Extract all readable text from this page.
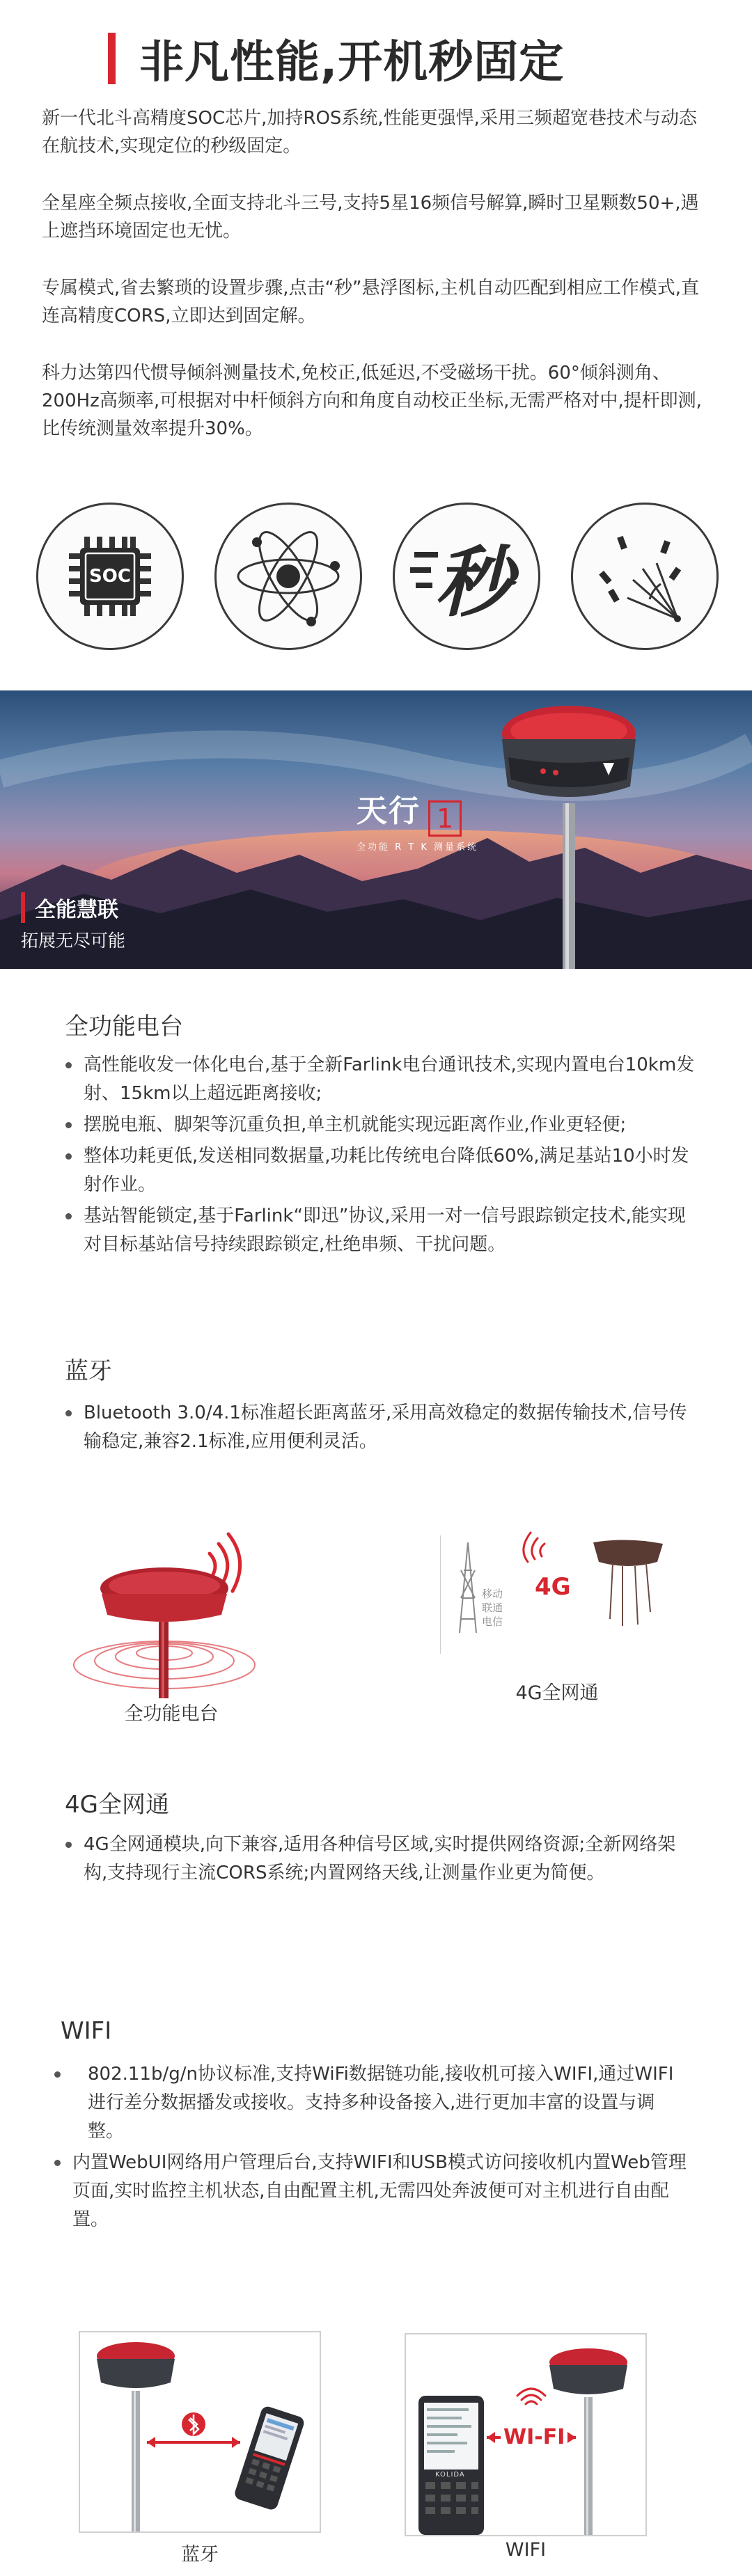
非凡性能,开机秒固定

新一代北斗高精度SOC芯片,加持ROS系统,性能更强悍,采用三频超宽巷技术与动态在航技术,实现定位的秒级固定。

全星座全频点接收,全面支持北斗三号,支持5星16频信号解算,瞬时卫星颗数50+,遇上遮挡环境固定也无忧。

专属模式,省去繁琐的设置步骤,点击“秒”悬浮图标,主机自动匹配到相应工作模式,直连高精度CORS,立即达到固定解。

科力达第四代惯导倾斜测量技术,免校正,低延迟,不受磁场干扰。60°倾斜测角、200Hz高频率,可根据对中杆倾斜方向和角度自动校正坐标,无需严格对中,提杆即测,比传统测量效率提升30%。

SOC	秒
天行 1
全功能 R T K 测量系统
全能慧联
拓展无尽可能
全功能电台
高性能收发一体化电台,基于全新Farlink电台通讯技术,实现内置电台10km发射、15km以上超远距离接收;
摆脱电瓶、脚架等沉重负担,单主机就能实现远距离作业,作业更轻便;
整体功耗更低,发送相同数据量,功耗比传统电台降低60%,满足基站10小时发射作业。
基站智能锁定,基于Farlink“即迅”协议,采用一对一信号跟踪锁定技术,能实现对目标基站信号持续跟踪锁定,杜绝串频、干扰问题。
蓝牙
Bluetooth 3.0/4.1标准超长距离蓝牙,采用高效稳定的数据传输技术,信号传输稳定,兼容2.1标准,应用便利灵活。
全功能电台
4G
移动
联通
电信
4G全网通
4G全网通
4G全网通模块,向下兼容,适用各种信号区域,实时提供网络资源;全新网络架构,支持现行主流CORS系统;内置网络天线,让测量作业更为简便。
WIFI
802.11b/g/n协议标准,支持WiFi数据链功能,接收机可接入WIFI,通过WIFI进行差分数据播发或接收。支持多种设备接入,进行更加丰富的设置与调整。
内置WebUI网络用户管理后台,支持WIFI和USB模式访问接收机内置Web管理页面,实时监控主机状态,自由配置主机,无需四处奔波便可对主机进行自由配置。
蓝牙
WI-FI
KOLIDA
WIFI
